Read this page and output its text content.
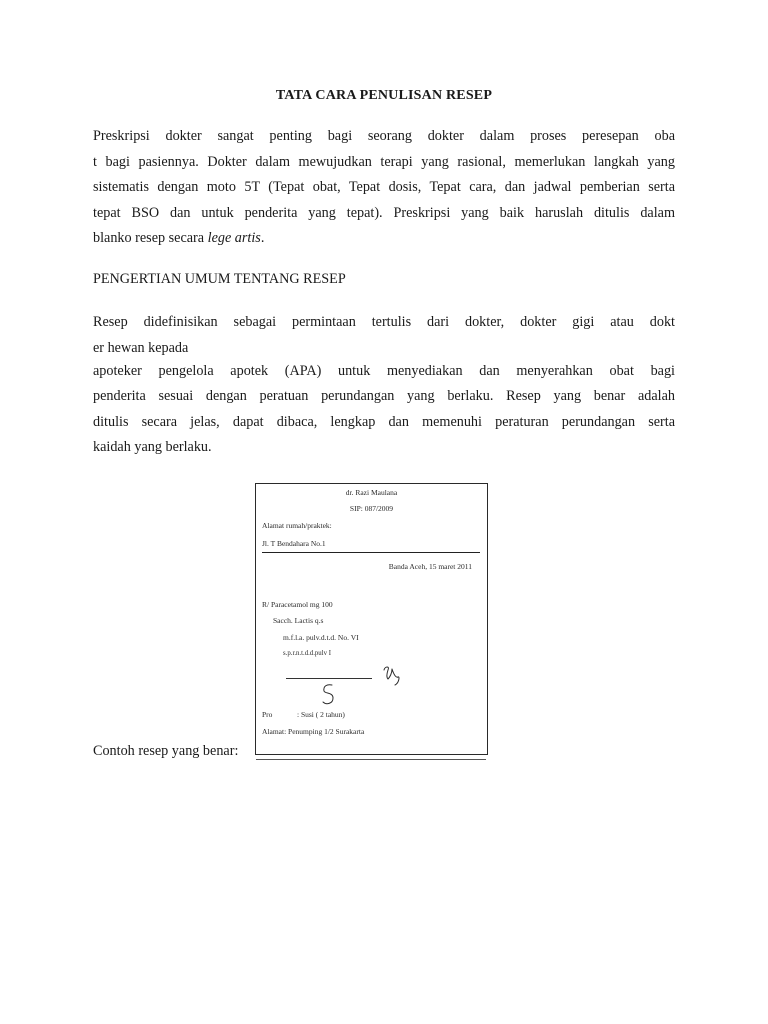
TATA CARA PENULISAN RESEP
Preskripsi dokter sangat penting bagi seorang dokter dalam proses peresepan oba
t bagi pasiennya. Dokter dalam mewujudkan terapi yang rasional, memerlukan langkah yang
sistematis dengan moto 5T (Tepat obat, Tepat dosis, Tepat cara, dan jadwal pemberian serta
tepat BSO dan untuk penderita yang tepat). Preskripsi yang baik haruslah ditulis dalam
blanko resep secara lege artis.
PENGERTIAN UMUM TENTANG RESEP
Resep didefinisikan sebagai permintaan tertulis dari dokter, dokter gigi atau dokt
er hewan kepada
apoteker pengelola apotek (APA) untuk menyediakan dan menyerahkan obat bagi
penderita sesuai dengan peratuan perundangan yang berlaku. Resep yang benar adalah
ditulis secara jelas, dapat dibaca, lengkap dan memenuhi peraturan perundangan serta
kaidah yang berlaku.
dr. Razi Maulana
SIP: 087/2009
Alamat rumah/praktek:
Jl. T Bendahara No.1
Banda Aceh, 15 maret 2011
R/ Paracetamol mg 100
Sacch. Lactis q.s
m.f.l.a. pulv.d.t.d. No. VI
s.p.r.n.t.d.d.pulv I
Pro	: Susi ( 2 tahun)
Alamat: Penumping 1/2 Surakarta
Contoh resep yang benar:
